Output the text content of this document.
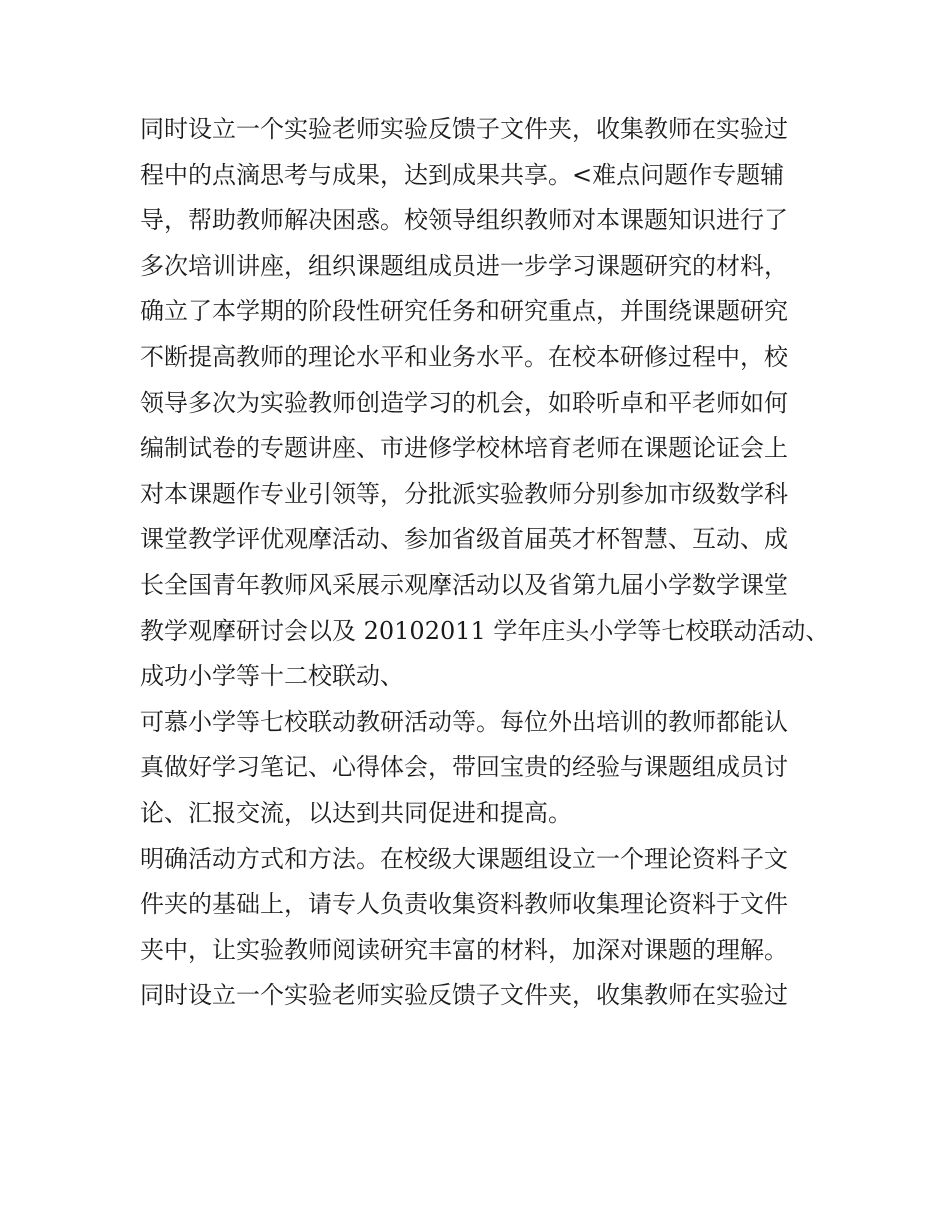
同时设立一个实验老师实验反馈子文件夹，收集教师在实验过
程中的点滴思考与成果，达到成果共享。<难点问题作专题辅
导，帮助教师解决困惑。校领导组织教师对本课题知识进行了
多次培训讲座，组织课题组成员进一步学习课题研究的材料，
确立了本学期的阶段性研究任务和研究重点，并围绕课题研究
不断提高教师的理论水平和业务水平。在校本研修过程中，校
领导多次为实验教师创造学习的机会，如聆听卓和平老师如何
编制试卷的专题讲座、市进修学校林培育老师在课题论证会上
对本课题作专业引领等，分批派实验教师分别参加市级数学科
课堂教学评优观摩活动、参加省级首届英才杯智慧、互动、成
长全国青年教师风采展示观摩活动以及省第九届小学数学课堂
教学观摩研讨会以及 20102011 学年庄头小学等七校联动活动、
成功小学等十二校联动、
可慕小学等七校联动教研活动等。每位外出培训的教师都能认
真做好学习笔记、心得体会，带回宝贵的经验与课题组成员讨
论、汇报交流，以达到共同促进和提高。
明确活动方式和方法。在校级大课题组设立一个理论资料子文
件夹的基础上，请专人负责收集资料教师收集理论资料于文件
夹中，让实验教师阅读研究丰富的材料，加深对课题的理解。
同时设立一个实验老师实验反馈子文件夹，收集教师在实验过
